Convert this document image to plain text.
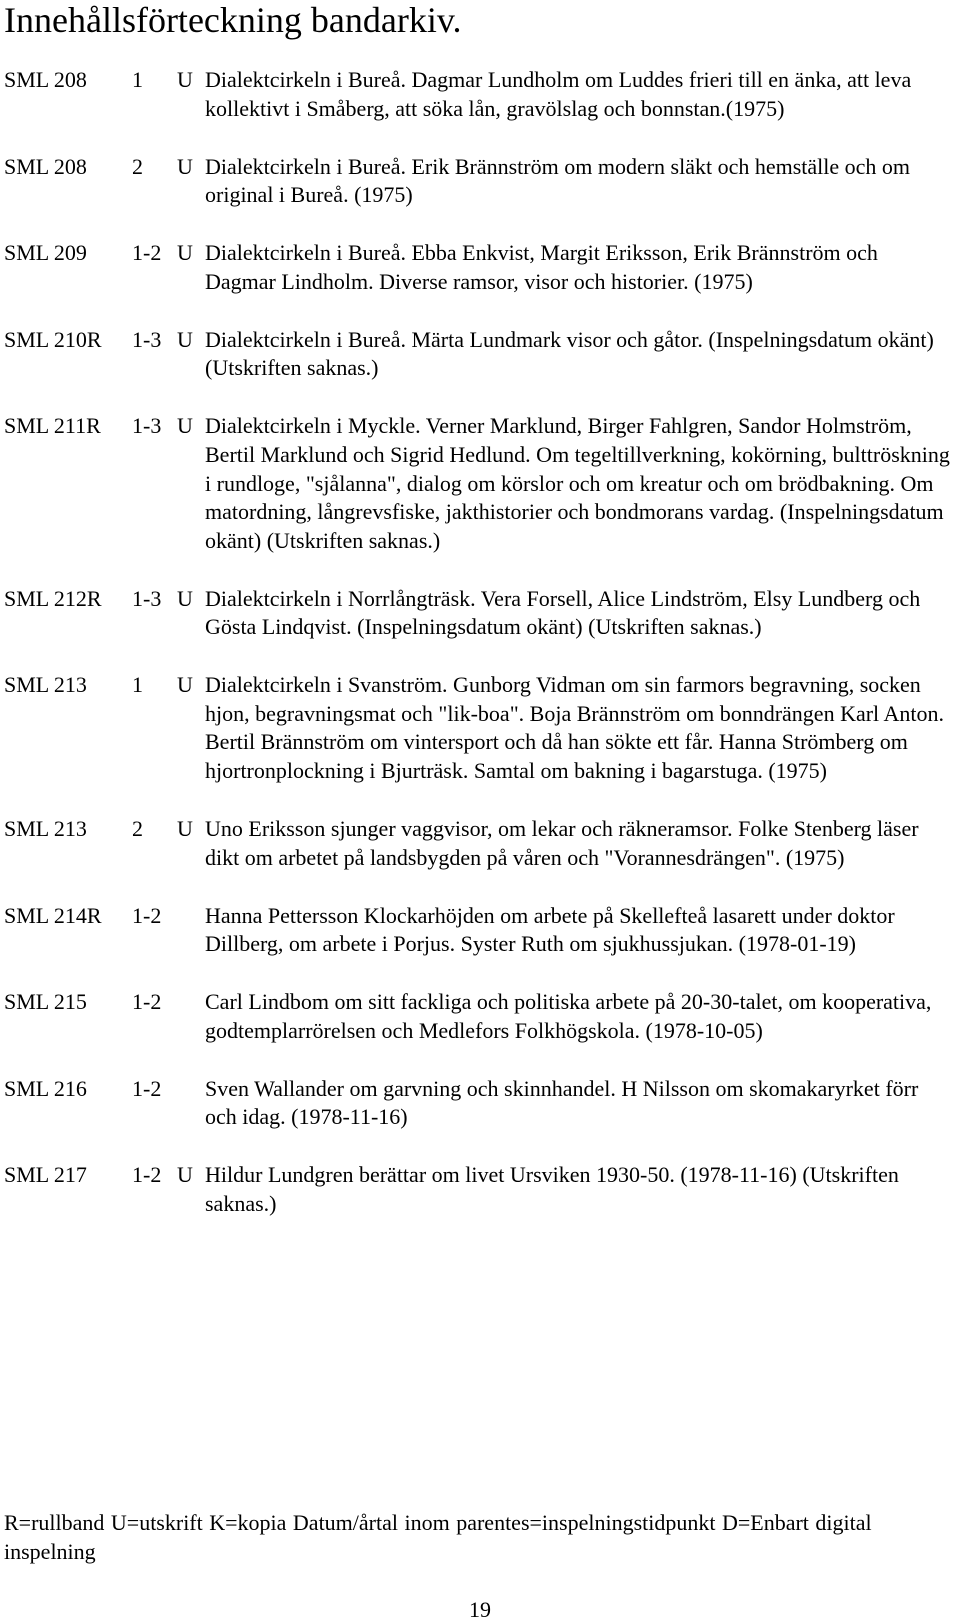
Innehållsförteckning bandarkiv.
SML 208	1	U Dialektcirkeln i Bureå. Dagmar Lundholm om Luddes frieri till en änka, att leva kollektivt i Småberg, att söka lån, gravölslag och bonnstan.(1975)
SML 208	2	U Dialektcirkeln i Bureå. Erik Brännström om modern släkt och hemställe och om original i Bureå. (1975)
SML 209	1-2 U Dialektcirkeln i Bureå. Ebba Enkvist, Margit Eriksson, Erik Brännström och Dagmar Lindholm. Diverse ramsor, visor och historier. (1975)
SML 210R	1-3 U Dialektcirkeln i Bureå. Märta Lundmark visor och gåtor. (Inspelningsdatum okänt) (Utskriften saknas.)
SML 211R	1-3 U Dialektcirkeln i Myckle. Verner Marklund, Birger Fahlgren, Sandor Holmström, Bertil Marklund och Sigrid Hedlund. Om tegeltillverkning, kokörning, bulttröskning i rundloge, "sjålanna", dialog om körslor och om kreatur och om brödbakning. Om matordning, långrevsfiske, jakthistorier och bondmorans vardag. (Inspelningsdatum okänt) (Utskriften saknas.)
SML 212R	1-3 U Dialektcirkeln i Norrlångträsk. Vera Forsell, Alice Lindström, Elsy Lundberg och Gösta Lindqvist. (Inspelningsdatum okänt) (Utskriften saknas.)
SML 213	1	U Dialektcirkeln i Svanström. Gunborg Vidman om sin farmors begravning, socken hjon, begravningsmat och "lik-boa". Boja Brännström om bonndrängen Karl Anton. Bertil Brännström om vintersport och då han sökte ett får. Hanna Strömberg om hjortronplockning i Bjurträsk. Samtal om bakning i bagarstuga. (1975)
SML 213	2	U Uno Eriksson sjunger vaggvisor, om lekar och räkneramsor. Folke Stenberg läser dikt om arbetet på landsbygden på våren och "Vorannesdrängen". (1975)
SML 214R	1-2	Hanna Pettersson Klockarhöjden om arbete på Skellefteå lasarett under doktor Dillberg, om arbete i Porjus. Syster Ruth om sjukhussjukan. (1978-01-19)
SML 215	1-2	Carl Lindbom om sitt fackliga och politiska arbete på 20-30-talet, om kooperativa, godtemplarrörelsen och Medlefors Folkhögskola. (1978-10-05)
SML 216	1-2	Sven Wallander om garvning och skinnhandel. H Nilsson om skomakaryrket förr och idag. (1978-11-16)
SML 217	1-2 U Hildur Lundgren berättar om livet Ursviken 1930-50. (1978-11-16) (Utskriften saknas.)
R=rullband U=utskrift K=kopia Datum/årtal inom parentes=inspelningstidpunkt D=Enbart digital inspelning
19
